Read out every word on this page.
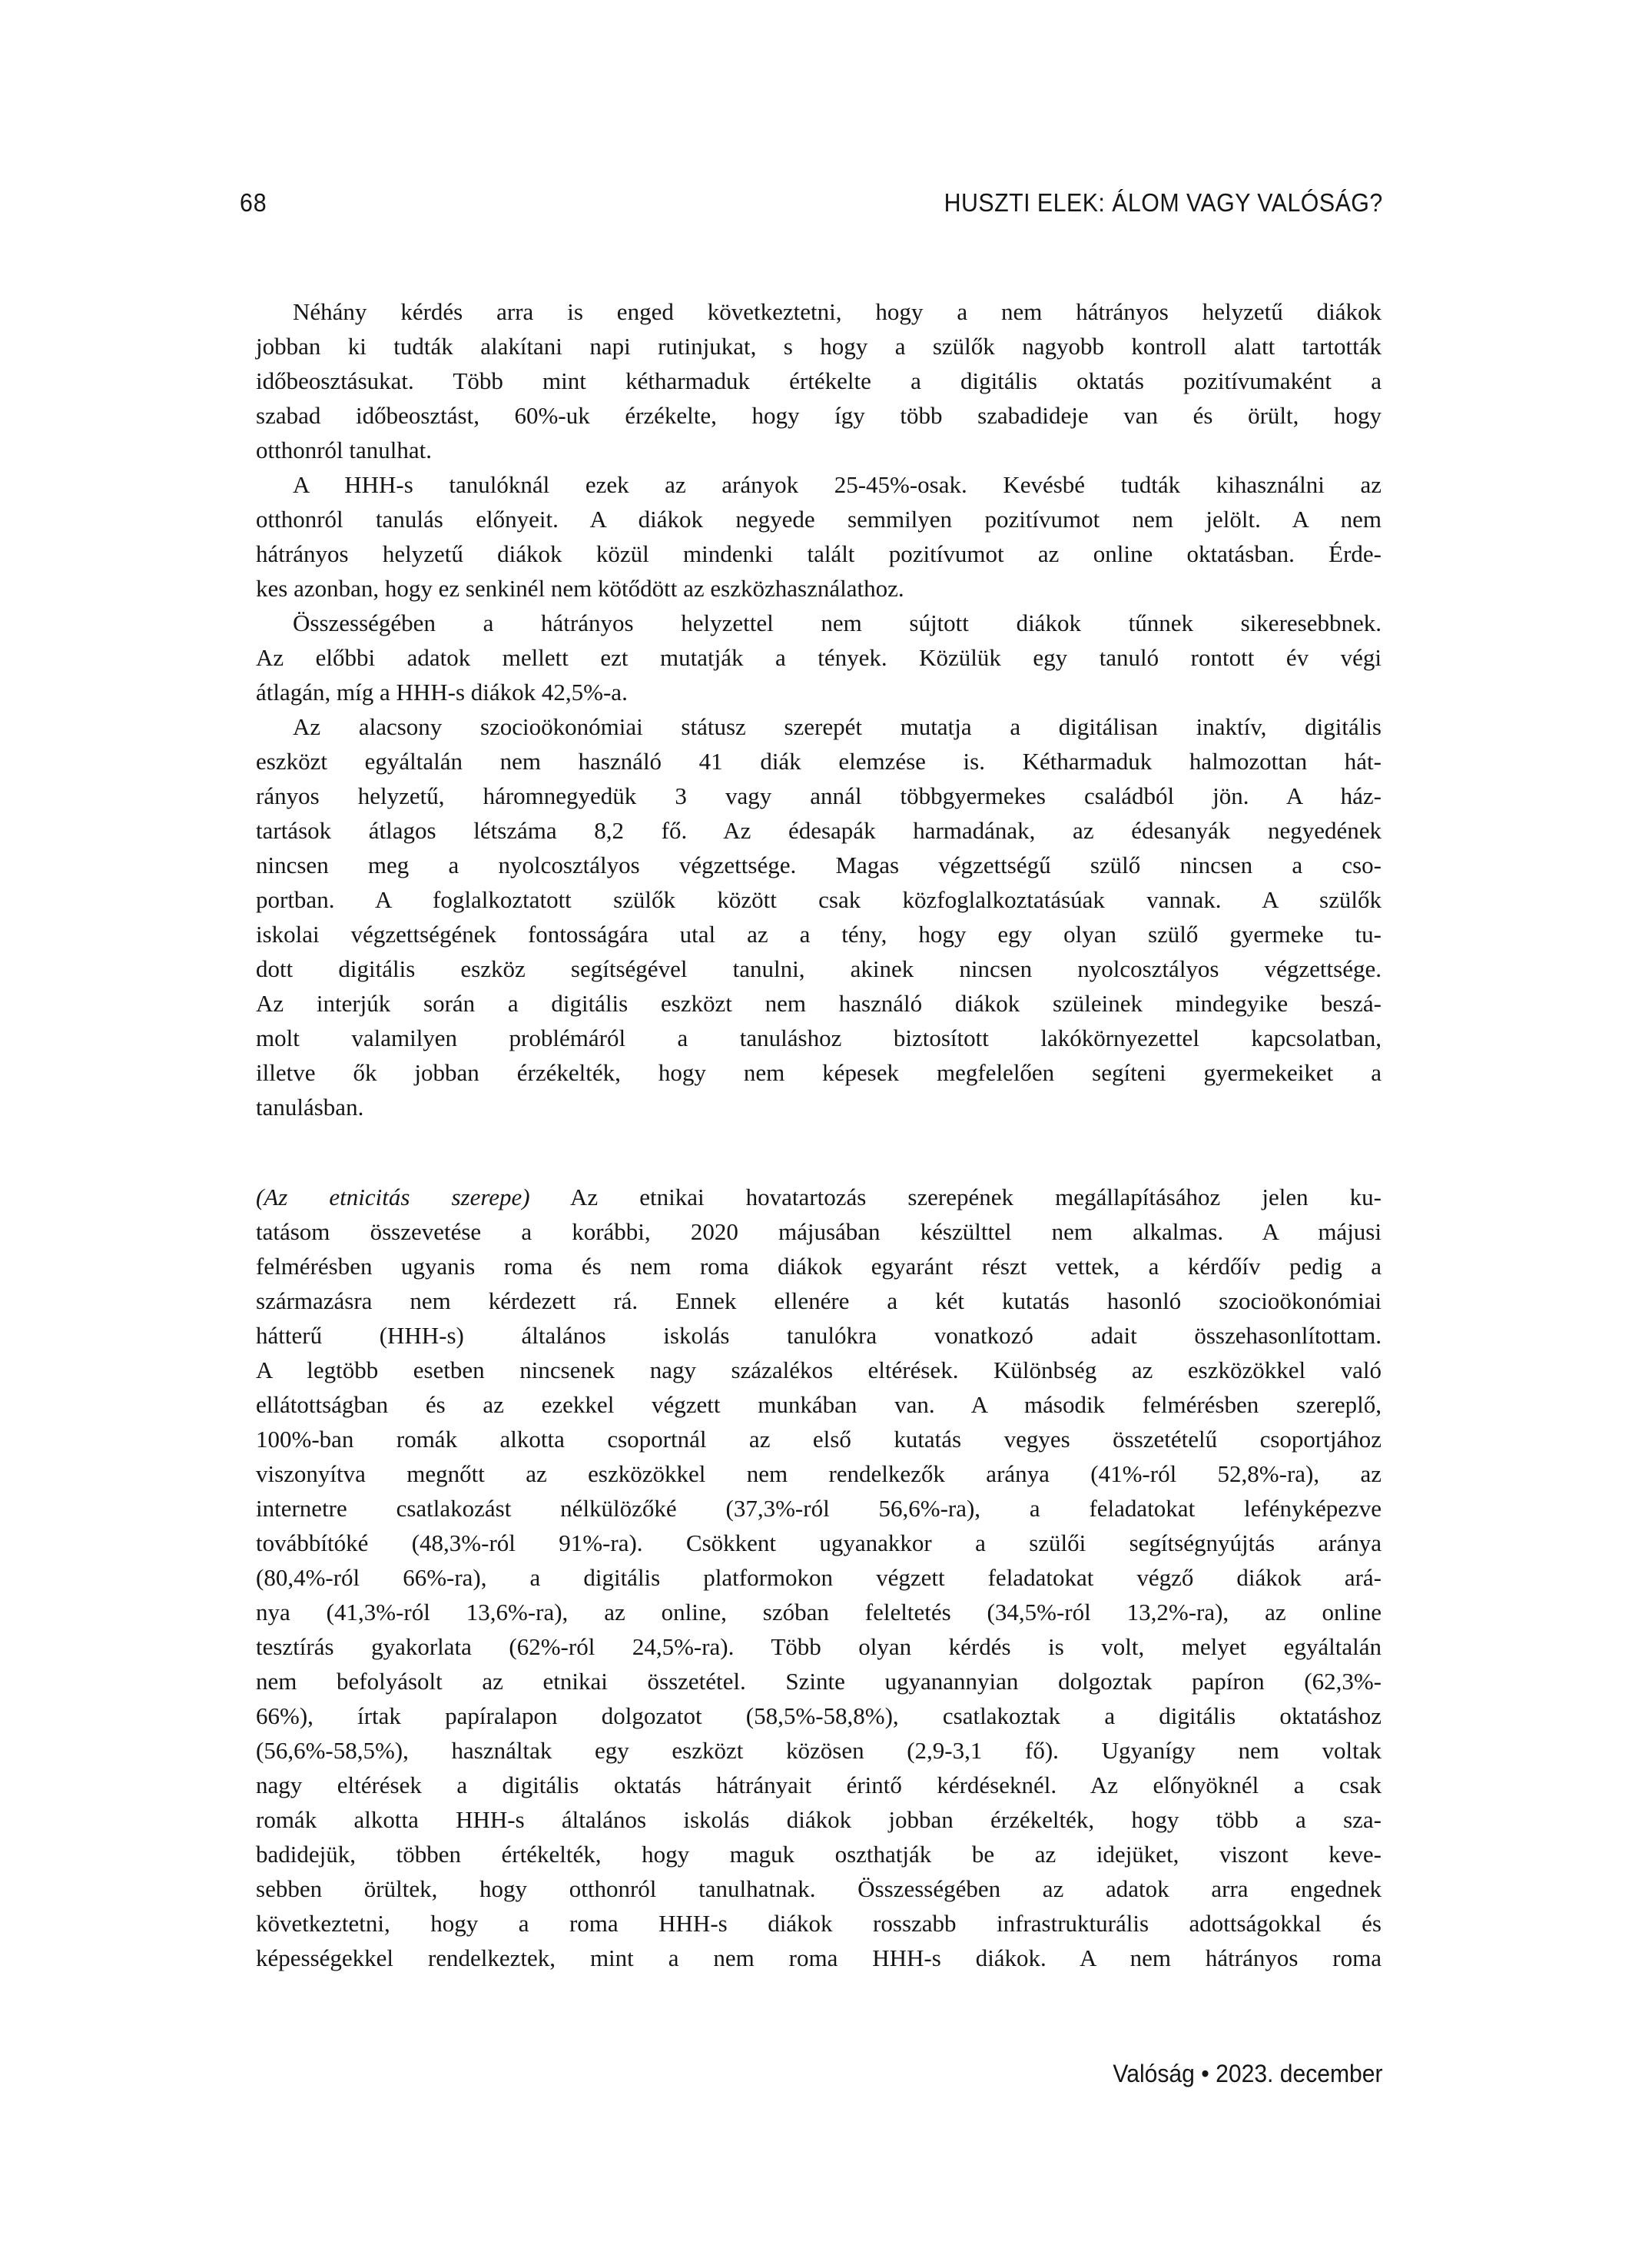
68	HUSZTI ELEK: ÁLOM VAGY VALÓSÁG?
Néhány kérdés arra is enged következtetni, hogy a nem hátrányos helyzetű diákok
jobban ki tudták alakítani napi rutinjukat, s hogy a szülők nagyobb kontroll alatt tartották
időbeosztásukat. Több mint kétharmaduk értékelte a digitális oktatás pozitívumaként a
szabad időbeosztást, 60%-uk érzékelte, hogy így több szabadideje van és örült, hogy
otthonról tanulhat.
A HHH-s tanulóknál ezek az arányok 25-45%-osak. Kevésbé tudták kihasználni az
otthonról tanulás előnyeit. A diákok negyede semmilyen pozitívumot nem jelölt. A nem
hátrányos helyzetű diákok közül mindenki talált pozitívumot az online oktatásban. Érde-
kes azonban, hogy ez senkinél nem kötődött az eszközhasználathoz.
Összességében a hátrányos helyzettel nem sújtott diákok tűnnek sikeresebbnek.
Az előbbi adatok mellett ezt mutatják a tények. Közülük egy tanuló rontott év végi
átlagán, míg a HHH-s diákok 42,5%-a.
Az alacsony szocioökonómiai státusz szerepét mutatja a digitálisan inaktív, digitális
eszközt egyáltalán nem használó 41 diák elemzése is. Kétharmaduk halmozottan hát-
rányos helyzetű, háromnegyedük 3 vagy annál többgyermekes családból jön. A ház-
tartások átlagos létszáma 8,2 fő. Az édesapák harmadának, az édesanyák negyedének
nincsen meg a nyolcosztályos végzettsége. Magas végzettségű szülő nincsen a cso-
portban. A foglalkoztatott szülők között csak közfoglalkoztatásúak vannak. A szülők
iskolai végzettségének fontosságára utal az a tény, hogy egy olyan szülő gyermeke tu-
dott digitális eszköz segítségével tanulni, akinek nincsen nyolcosztályos végzettsége.
Az interjúk során a digitális eszközt nem használó diákok szüleinek mindegyike beszá-
molt valamilyen problémáról a tanuláshoz biztosított lakókörnyezettel kapcsolatban,
illetve ők jobban érzékelték, hogy nem képesek megfelelően segíteni gyermekeiket a
tanulásban.
(Az etnicitás szerepe) Az etnikai hovatartozás szerepének megállapításához jelen ku-
tatásom összevetése a korábbi, 2020 májusában készülttel nem alkalmas. A májusi
felmérésben ugyanis roma és nem roma diákok egyaránt részt vettek, a kérdőív pedig a
származásra nem kérdezett rá. Ennek ellenére a két kutatás hasonló szocioökonómiai
hátterű (HHH-s) általános iskolás tanulókra vonatkozó adait összehasonlítottam.
A legtöbb esetben nincsenek nagy százalékos eltérések. Különbség az eszközökkel való
ellátottságban és az ezekkel végzett munkában van. A második felmérésben szereplő,
100%-ban romák alkotta csoportnál az első kutatás vegyes összetételű csoportjához
viszonyítva megnőtt az eszközökkel nem rendelkezők aránya (41%-ról 52,8%-ra), az
internetre csatlakozást nélkülözőké (37,3%-ról 56,6%-ra), a feladatokat lefényképezve
továbbítóké (48,3%-ról 91%-ra). Csökkent ugyanakkor a szülői segítségnyújtás aránya
(80,4%-ról 66%-ra), a digitális platformokon végzett feladatokat végző diákok ará-
nya (41,3%-ról 13,6%-ra), az online, szóban feleltetés (34,5%-ról 13,2%-ra), az online
tesztírás gyakorlata (62%-ról 24,5%-ra). Több olyan kérdés is volt, melyet egyáltalán
nem befolyásolt az etnikai összetétel. Szinte ugyanannyian dolgoztak papíron (62,3%-
66%), írtak papíralapon dolgozatot (58,5%-58,8%), csatlakoztak a digitális oktatáshoz
(56,6%-58,5%), használtak egy eszközt közösen (2,9-3,1 fő). Ugyanígy nem voltak
nagy eltérések a digitális oktatás hátrányait érintő kérdéseknél. Az előnyöknél a csak
romák alkotta HHH-s általános iskolás diákok jobban érzékelték, hogy több a sza-
badidejük, többen értékelték, hogy maguk oszthatják be az idejüket, viszont keve-
sebben örültek, hogy otthonról tanulhatnak. Összességében az adatok arra engednek
következtetni, hogy a roma HHH-s diákok rosszabb infrastrukturális adottságokkal és
képességekkel rendelkeztek, mint a nem roma HHH-s diákok. A nem hátrányos roma
Valóság • 2023. december
